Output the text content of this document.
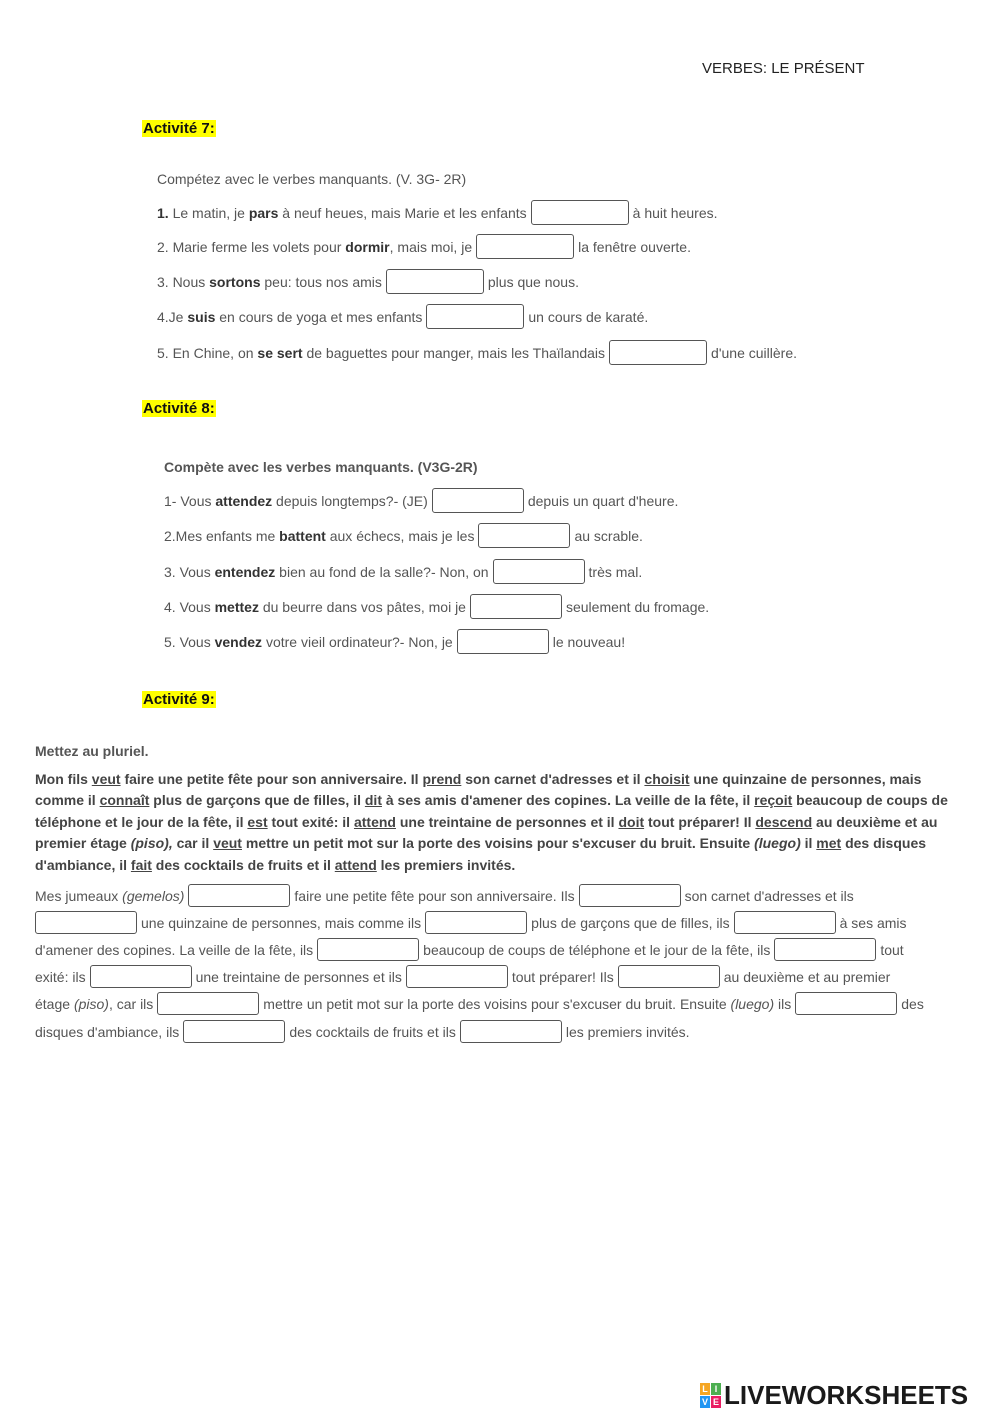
VERBES: LE PRÉSENT
Activité 7:
Compétez avec le verbes manquants. (V. 3G- 2R)
1. Le matin, je pars à neuf heues, mais Marie et les enfants	à huit heures.
2. Marie ferme les volets pour dormir , mais moi, je	la fenêtre ouverte.
3. Nous sortons peu: tous nos amis	plus que nous.
4.Je suis en cours de yoga et mes enfants	un cours de karaté.
5. En Chine, on se sert de baguettes pour manger, mais les Thaïlandais	d'une cuillère.
Activité 8:
Compète avec les verbes manquants. (V3G-2R)
1- Vous attendez depuis longtemps?- (JE)	depuis un quart d'heure.
2.Mes enfants me battent aux échecs, mais je les	au scrable.
3. Vous entendez bien au fond de la salle?- Non, on	très mal.
4. Vous mettez du beurre dans vos pâtes, moi je	seulement du fromage.
5. Vous vendez votre vieil ordinateur?- Non, je	le nouveau!
Activité 9:
Mettez au pluriel.
Mon fils veut faire une petite fête pour son anniversaire. Il prend son carnet d'adresses et il choisit une quinzaine de personnes, mais comme il connaît plus de garçons que de filles, il dit à ses amis d'amener des copines. La veille de la fête, il reçoit beaucoup de coups de téléphone et le jour de la fête, il est tout exité: il attend une treintaine de personnes et il doit tout préparer! Il descend au deuxième et au premier étage (piso), car il veut mettre un petit mot sur la porte des voisins pour s'excuser du bruit. Ensuite (luego) il met des disques d'ambiance, il fait des cocktails de fruits et il attend les premiers invités.
Mes jumeaux (gemelos)	faire une petite fête pour son anniversaire. Ils	son carnet d'adresses et ils
une quinzaine de personnes, mais comme ils	plus de garçons que de filles, ils	à ses amis
d'amener des copines. La veille de la fête, ils	beaucoup de coups de téléphone et le jour de la fête, ils	tout
exité: ils	une treintaine de personnes et ils	tout préparer! Ils	au deuxième et au premier
étage (piso) , car ils	mettre un petit mot sur la porte des voisins pour s'excuser du bruit. Ensuite (luego) ils	des
disques d'ambiance, ils	des cocktails de fruits et ils	les premiers invités.
L I
V E LIVEWORKSHEETS
